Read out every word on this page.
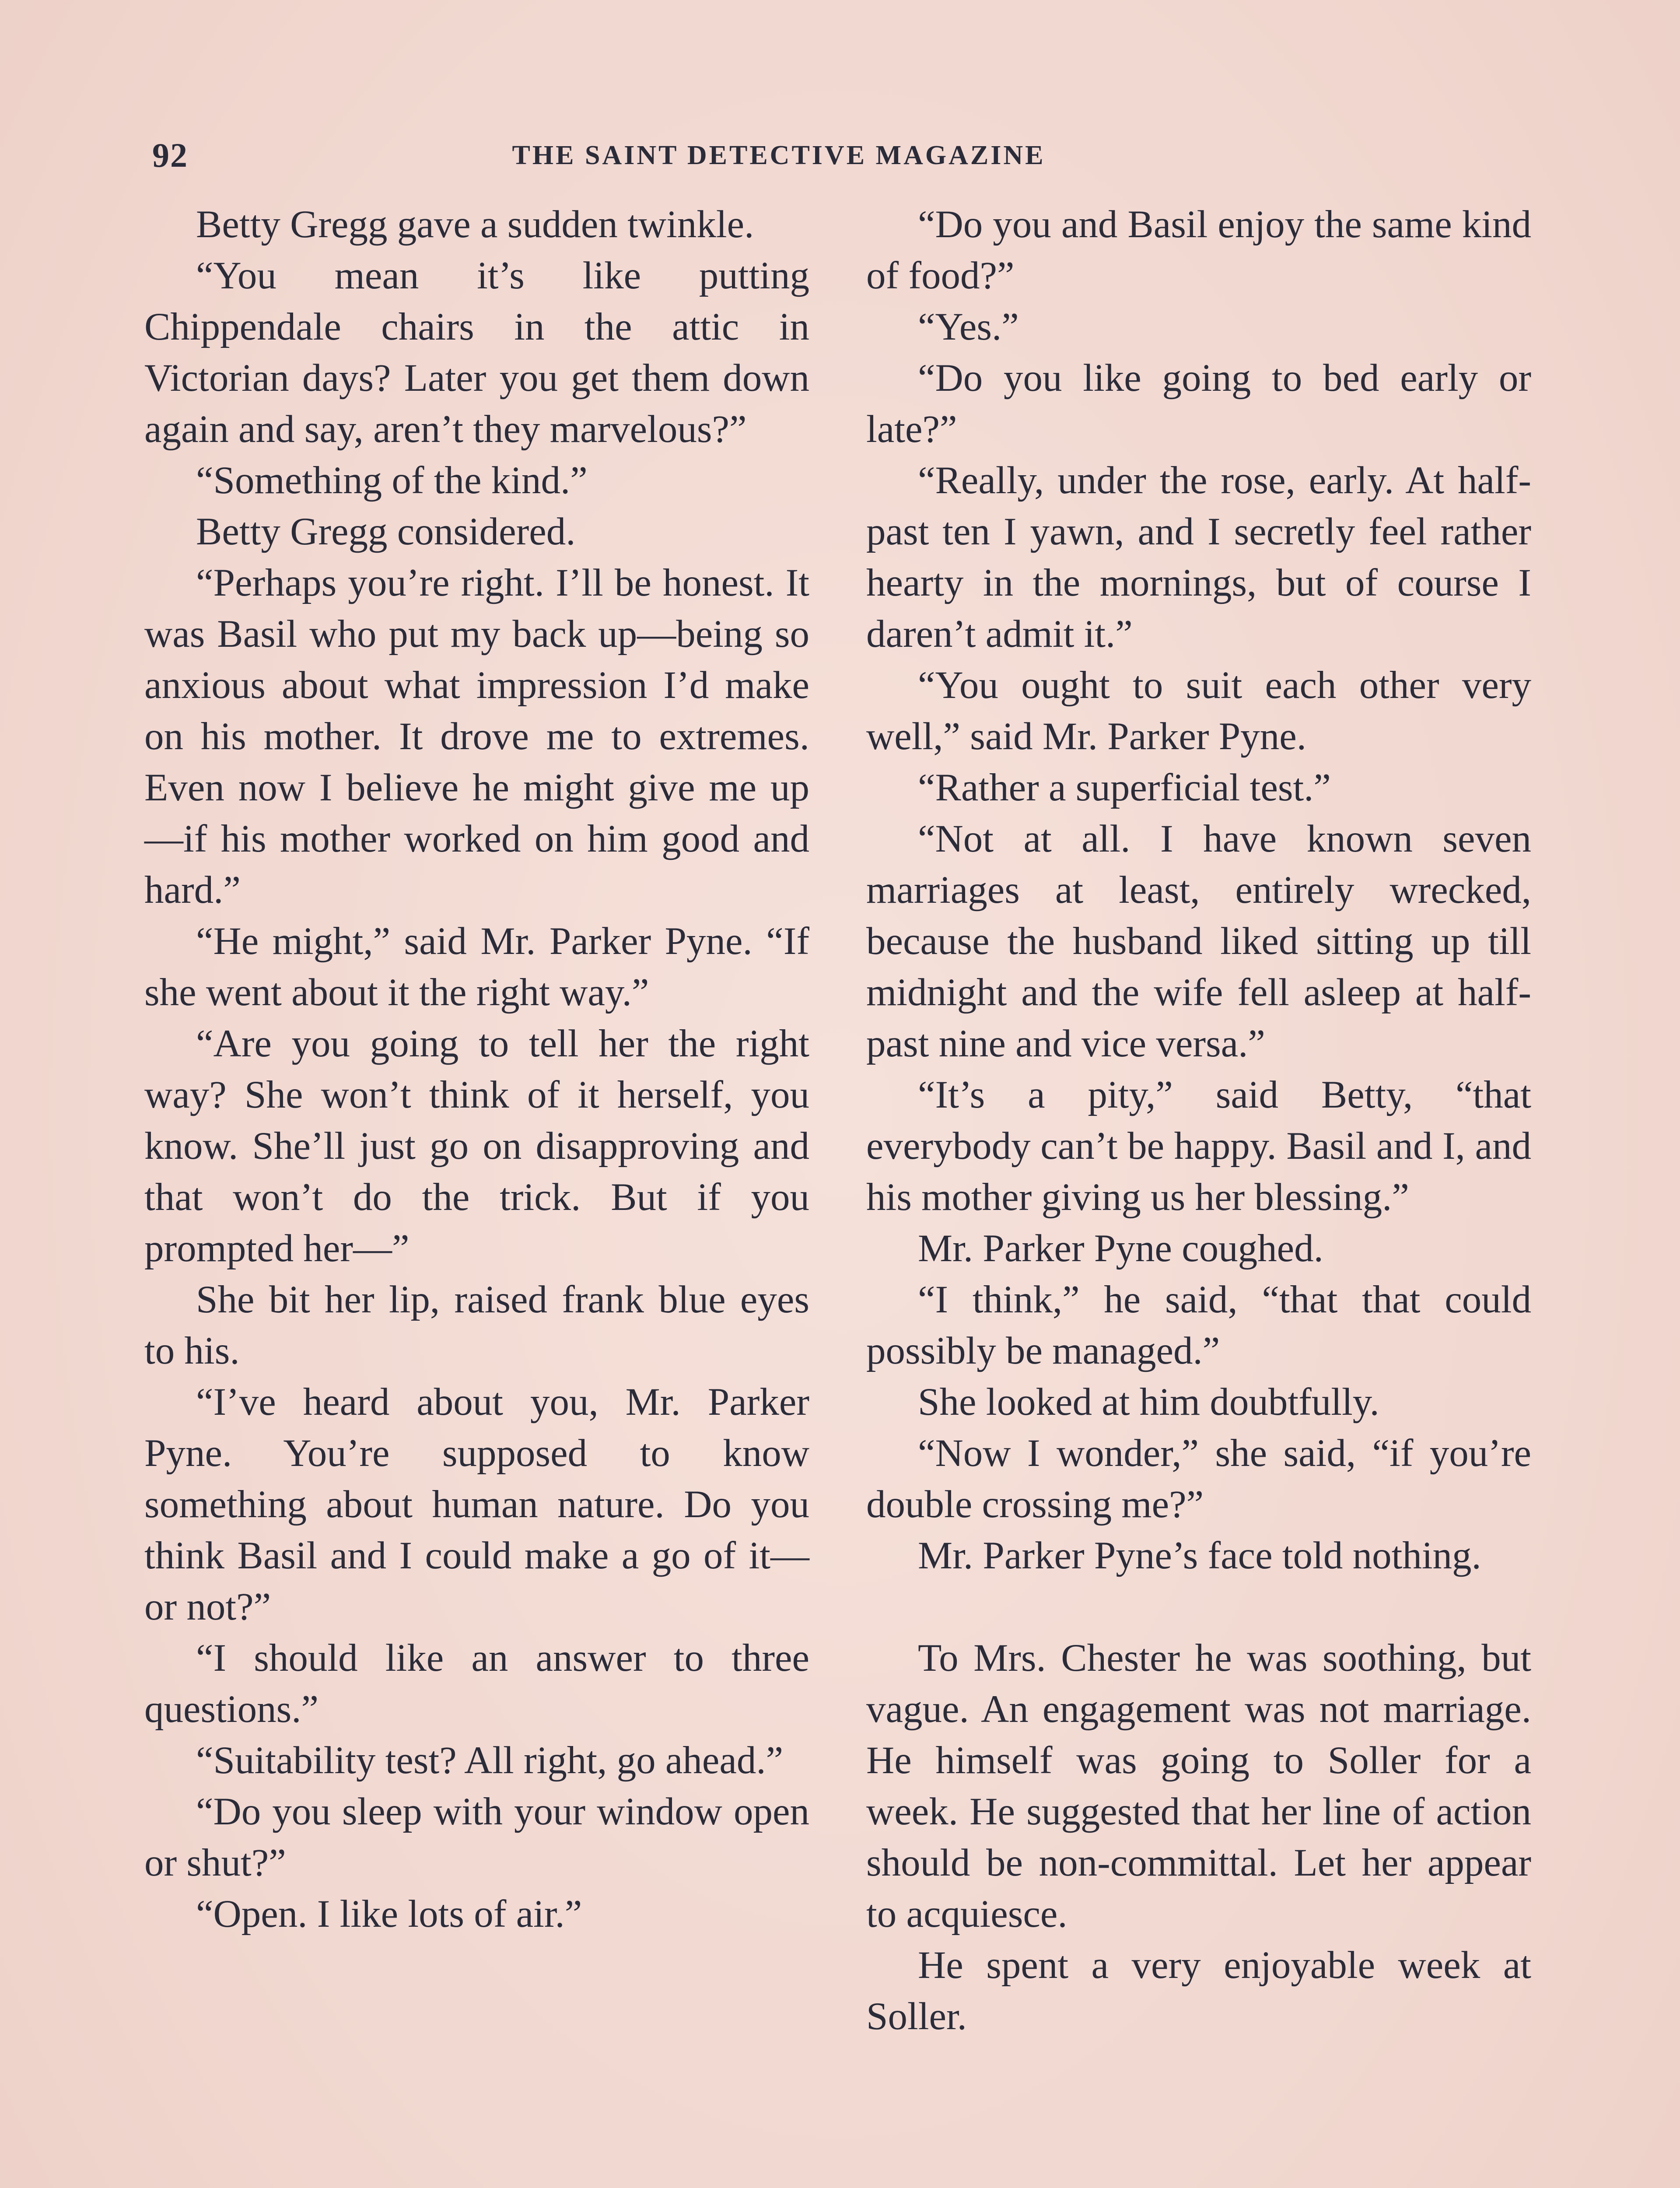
92	THE SAINT DETECTIVE MAGAZINE

Betty Gregg gave a sudden twinkle.

“You mean it’s like putting Chippendale chairs in the attic in Victorian days? Later you get them down again and say, aren’t they marvelous?”

“Something of the kind.”

Betty Gregg considered.

“Perhaps you’re right. I’ll be honest. It was Basil who put my back up—being so anxious about what impression I’d make on his mother. It drove me to extremes. Even now I believe he might give me up—if his mother worked on him good and hard.”

“He might,” said Mr. Parker Pyne. “If she went about it the right way.”

“Are you going to tell her the right way? She won’t think of it herself, you know. She’ll just go on disapproving and that won’t do the trick. But if you prompted her—”

She bit her lip, raised frank blue eyes to his.

“I’ve heard about you, Mr. Parker Pyne. You’re supposed to know something about human nature. Do you think Basil and I could make a go of it—or not?”

“I should like an answer to three questions.”

“Suitability test? All right, go ahead.”

“Do you sleep with your window open or shut?”

“Open. I like lots of air.”

“Do you and Basil enjoy the same kind of food?”

“Yes.”

“Do you like going to bed early or late?”

“Really, under the rose, early. At half-past ten I yawn, and I secretly feel rather hearty in the mornings, but of course I daren’t admit it.”

“You ought to suit each other very well,” said Mr. Parker Pyne.

“Rather a superficial test.”

“Not at all. I have known seven marriages at least, entirely wrecked, because the husband liked sitting up till midnight and the wife fell asleep at half-past nine and vice versa.”

“It’s a pity,” said Betty, “that everybody can’t be happy. Basil and I, and his mother giving us her blessing.”

Mr. Parker Pyne coughed.

“I think,” he said, “that that could possibly be managed.”

She looked at him doubtfully.

“Now I wonder,” she said, “if you’re double crossing me?”

Mr. Parker Pyne’s face told nothing.

To Mrs. Chester he was soothing, but vague. An engagement was not marriage. He himself was going to Soller for a week. He suggested that her line of action should be non-committal. Let her appear to acquiesce.

He spent a very enjoyable week at Soller.
